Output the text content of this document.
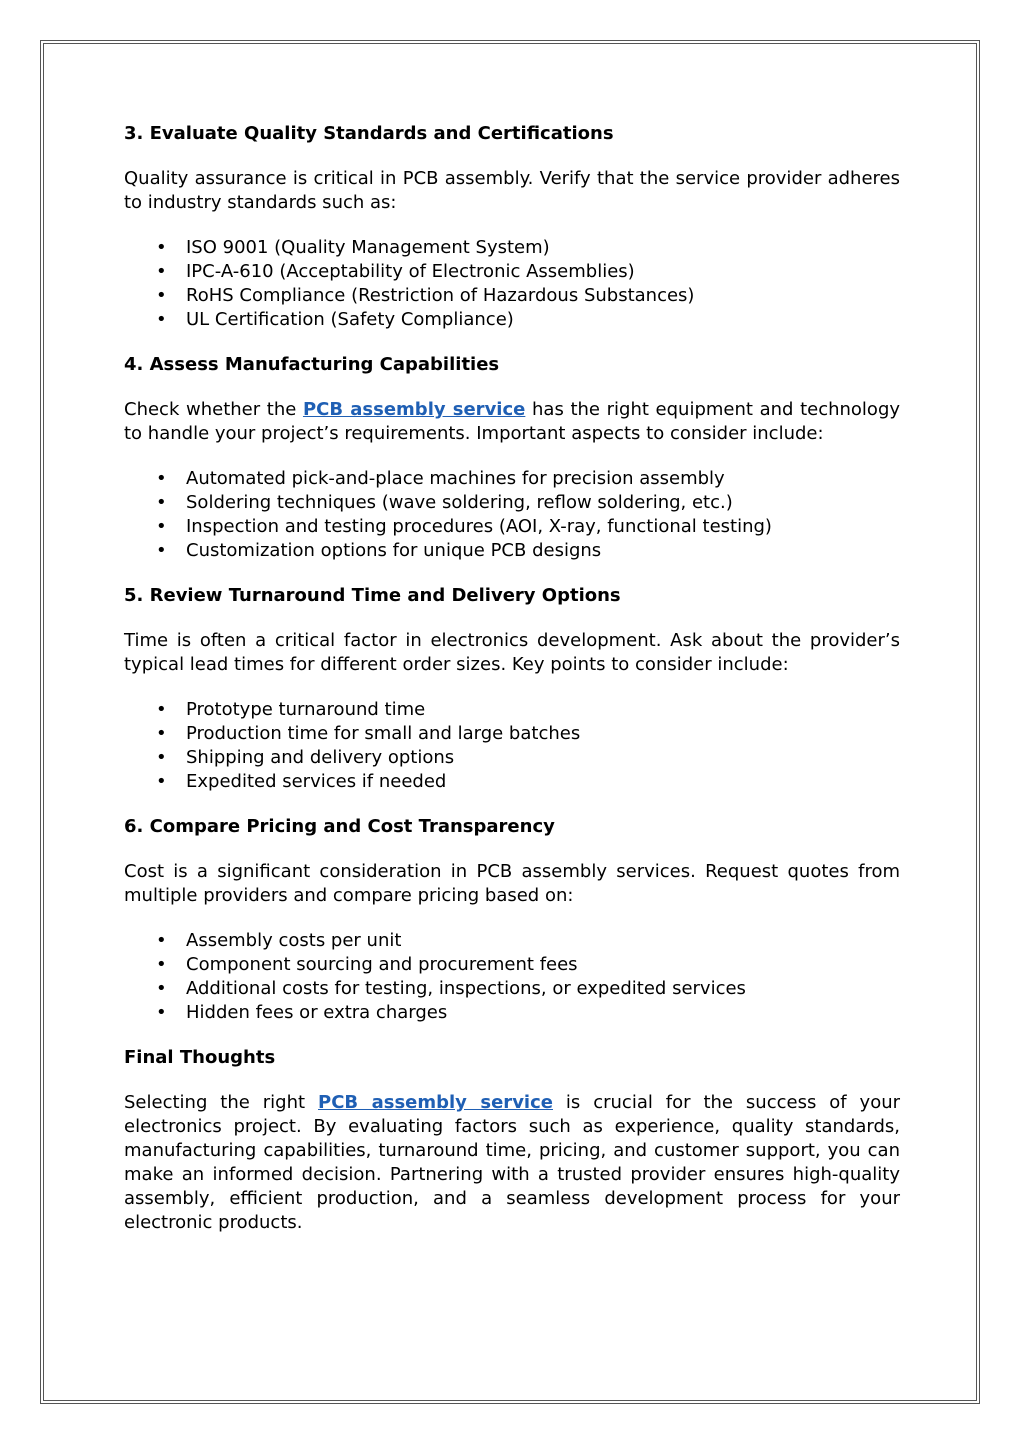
3. Evaluate Quality Standards and Certifications

Quality assurance is critical in PCB assembly. Verify that the service provider adheres to industry standards such as:

• ISO 9001 (Quality Management System)
• IPC-A-610 (Acceptability of Electronic Assemblies)
• RoHS Compliance (Restriction of Hazardous Substances)
• UL Certification (Safety Compliance)
4. Assess Manufacturing Capabilities

Check whether the PCB assembly service has the right equipment and technology to handle your project’s requirements. Important aspects to consider include:

• Automated pick-and-place machines for precision assembly
• Soldering techniques (wave soldering, reflow soldering, etc.)
• Inspection and testing procedures (AOI, X-ray, functional testing)
• Customization options for unique PCB designs
5. Review Turnaround Time and Delivery Options

Time is often a critical factor in electronics development. Ask about the provider’s typical lead times for different order sizes. Key points to consider include:

• Prototype turnaround time
• Production time for small and large batches
• Shipping and delivery options
• Expedited services if needed
6. Compare Pricing and Cost Transparency

Cost is a significant consideration in PCB assembly services. Request quotes from multiple providers and compare pricing based on:

• Assembly costs per unit
• Component sourcing and procurement fees
• Additional costs for testing, inspections, or expedited services
• Hidden fees or extra charges
Final Thoughts

Selecting the right PCB assembly service is crucial for the success of your electronics project. By evaluating factors such as experience, quality standards, manufacturing capabilities, turnaround time, pricing, and customer support, you can make an informed decision. Partnering with a trusted provider ensures high-quality assembly, efficient production, and a seamless development process for your electronic products.
